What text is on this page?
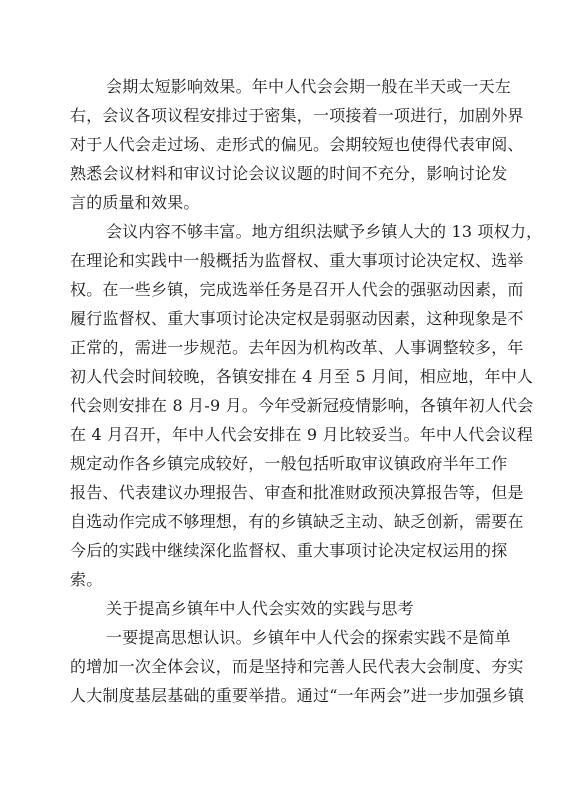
会期太短影响效果。年中人代会会期一般在半天或一天左
右，会议各项议程安排过于密集，一项接着一项进行，加剧外界
对于人代会走过场、走形式的偏见。会期较短也使得代表审阅、
熟悉会议材料和审议讨论会议议题的时间不充分，影响讨论发
言的质量和效果。
会议内容不够丰富。地方组织法赋予乡镇人大的 13 项权力，
在理论和实践中一般概括为监督权、重大事项讨论决定权、选举
权。在一些乡镇，完成选举任务是召开人代会的强驱动因素，而
履行监督权、重大事项讨论决定权是弱驱动因素，这种现象是不
正常的，需进一步规范。去年因为机构改革、人事调整较多，年
初人代会时间较晚，各镇安排在 4 月至 5 月间，相应地，年中人
代会则安排在 8 月-9 月。今年受新冠疫情影响，各镇年初人代会
在 4 月召开，年中人代会安排在 9 月比较妥当。年中人代会议程
规定动作各乡镇完成较好，一般包括听取审议镇政府半年工作
报告、代表建议办理报告、审查和批准财政预决算报告等，但是
自选动作完成不够理想，有的乡镇缺乏主动、缺乏创新，需要在
今后的实践中继续深化监督权、重大事项讨论决定权运用的探
索。
关于提高乡镇年中人代会实效的实践与思考
一要提高思想认识。乡镇年中人代会的探索实践不是简单
的增加一次全体会议，而是坚持和完善人民代表大会制度、夯实
人大制度基层基础的重要举措。通过“一年两会”进一步加强乡镇
